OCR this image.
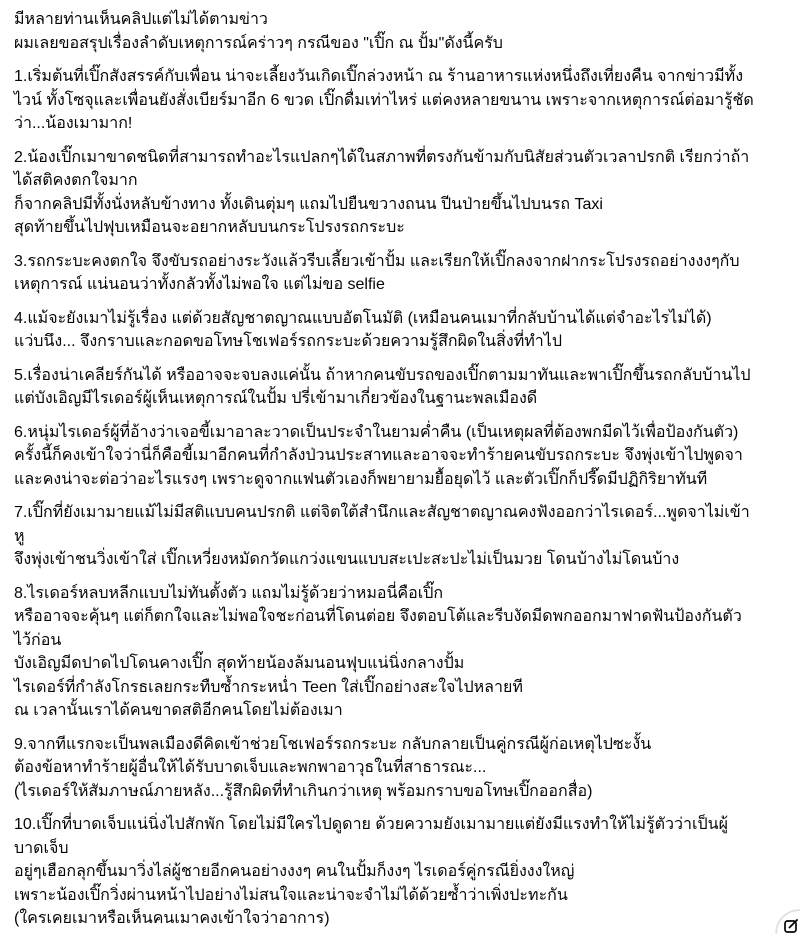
มีหลายท่านเห็นคลิปแต่ไม่ได้ตามข่าว
ผมเลยขอสรุปเรื่องลำดับเหตุการณ์คร่าวๆ กรณีของ "เปิ๊ก ณ ปั้ม"ดังนี้ครับ
1.เริ่มต้นที่เปิ๊กสังสรรค์กับเพื่อน น่าจะเลี้ยงวันเกิดเปิ๊กล่วงหน้า ณ ร้านอาหารแห่งหนึ่งถึงเที่ยงคืน จากข่าวมีทั้ง
ไวน์ ทั้งโซจุและเพื่อนยังสั่งเบียร์มาอีก 6 ขวด เปิ๊กดื่มเท่าไหร่ แต่คงหลายขนาน เพราะจากเหตุการณ์ต่อมารู้ชัด
ว่า...น้องเมามาก!
2.น้องเปิ๊กเมาขาดชนิดที่สามารถทำอะไรแปลกๆได้ในสภาพที่ตรงกันข้ามกับนิสัยส่วนตัวเวลาปรกติ เรียกว่าถ้า
ได้สติคงตกใจมาก
ก็จากคลิปมีทั้งนั่งหลับข้างทาง ทั้งเดินตุ่มๆ แถมไปยืนขวางถนน ปีนป่ายขึ้นไปบนรถ Taxi
สุดท้ายขึ้นไปฟุบเหมือนจะอยากหลับบนกระโปรงรถกระบะ
3.รถกระบะคงตกใจ จึงขับรถอย่างระวังแล้วรีบเลี้ยวเข้าปั้ม และเรียกให้เปิ๊กลงจากฝากระโปรงรถอย่างงงๆกับ
เหตุการณ์ แน่นอนว่าทั้งกลัวทั้งไม่พอใจ แต่ไม่ขอ selfie
4.แม้จะยังเมาไม่รู้เรื่อง แต่ด้วยสัญชาตญาณแบบอัตโนมัติ (เหมือนคนเมาที่กลับบ้านได้แต่จำอะไรไม่ได้)
แว่บนึง... จึงกราบและกอดขอโทษโชเฟอร์รถกระบะด้วยความรู้สึกผิดในสิ่งที่ทำไป
5.เรื่องน่าเคลียร์กันได้ หรืออาจจะจบลงแค่นั้น ถ้าหากคนขับรถของเปิ๊กตามมาทันและพาเปิ๊กขึ้นรถกลับบ้านไป
แต่บังเอิญมีไรเดอร์ผู้เห็นเหตุการณ์ในปั้ม ปรี่เข้ามาเกี่ยวข้องในฐานะพลเมืองดี
6.หนุ่มไรเดอร์ผู้ที่อ้างว่าเจอขี้เมาอาละวาดเป็นประจำในยามค่ำคืน (เป็นเหตุผลที่ต้องพกมีดไว้เพื่อป้องกันตัว)
ครั้งนี้ก็คงเข้าใจว่านี่ก็คือขี้เมาอีกคนที่กำลังป่วนประสาทและอาจจะทำร้ายคนขับรถกระบะ จึงพุ่งเข้าไปพูดจา
และคงน่าจะต่อว่าอะไรแรงๆ เพราะดูจากแฟนตัวเองก็พยายามยื้อยุดไว้ และตัวเปิ๊กก็ปรี๊ดมีปฏิกิริยาทันที
7.เปิ๊กที่ยังเมามายแม้ไม่มีสติแบบคนปรกติ แต่จิตใต้สำนึกและสัญชาตญาณคงฟังออกว่าไรเดอร์...พูดจาไม่เข้า
หู
จึงพุ่งเข้าชนวิ่งเข้าใส่ เปิ๊กเหวี่ยงหมัดกวัดแกว่งแขนแบบสะเปะสะปะไม่เป็นมวย โดนบ้างไม่โดนบ้าง
8.ไรเดอร์หลบหลีกแบบไม่ทันตั้งตัว แถมไม่รู้ด้วยว่าหมอนี่คือเปิ๊ก
หรืออาจจะคุ้นๆ แต่ก็ตกใจและไม่พอใจชะก่อนที่โดนต่อย จึงตอบโต้และรีบงัดมีดพกออกมาฟาดฟันป้องกันตัว
ไว้ก่อน
บังเอิญมีดปาดไปโดนคางเปิ๊ก สุดท้ายน้องล้มนอนฟุบแน่นิ่งกลางปั้ม
ไรเดอร์ที่กำลังโกรธเลยกระทืบซ้ำกระหน่ำ Teen ใส่เปิ๊กอย่างสะใจไปหลายที
ณ เวลานั้นเราได้คนขาดสติอีกคนโดยไม่ต้องเมา
9.จากทีแรกจะเป็นพลเมืองดีคิดเข้าช่วยโชเฟอร์รถกระบะ กลับกลายเป็นคู่กรณีผู้ก่อเหตุไปซะงั้น
ต้องข้อหาทำร้ายผู้อื่นให้ได้รับบาดเจ็บและพกพาอาวุธในที่สาธารณะ...
(ไรเดอร์ให้สัมภาษณ์ภายหลัง...รู้สึกผิดที่ทำเกินกว่าเหตุ พร้อมกราบขอโทษเปิ๊กออกสื่อ)
10.เปิ๊กที่บาดเจ็บแน่นิ่งไปสักพัก โดยไม่มีใครไปดูดาย ด้วยความยังเมามายแต่ยังมีแรงทำให้ไม่รู้ตัวว่าเป็นผู้
บาดเจ็บ
อยู่ๆเฮือกลุกขึ้นมาวิ่งไล่ผู้ชายอีกคนอย่างงงๆ คนในปั้มก็งงๆ ไรเดอร์คู่กรณียิ่งงงใหญ่
เพราะน้องเปิ๊กวิ่งผ่านหน้าไปอย่างไม่สนใจและน่าจะจำไม่ได้ด้วยซ้ำว่าเพิ่งปะทะกัน
(ใครเคยเมาหรือเห็นคนเมาคงเข้าใจว่าอาการ)
